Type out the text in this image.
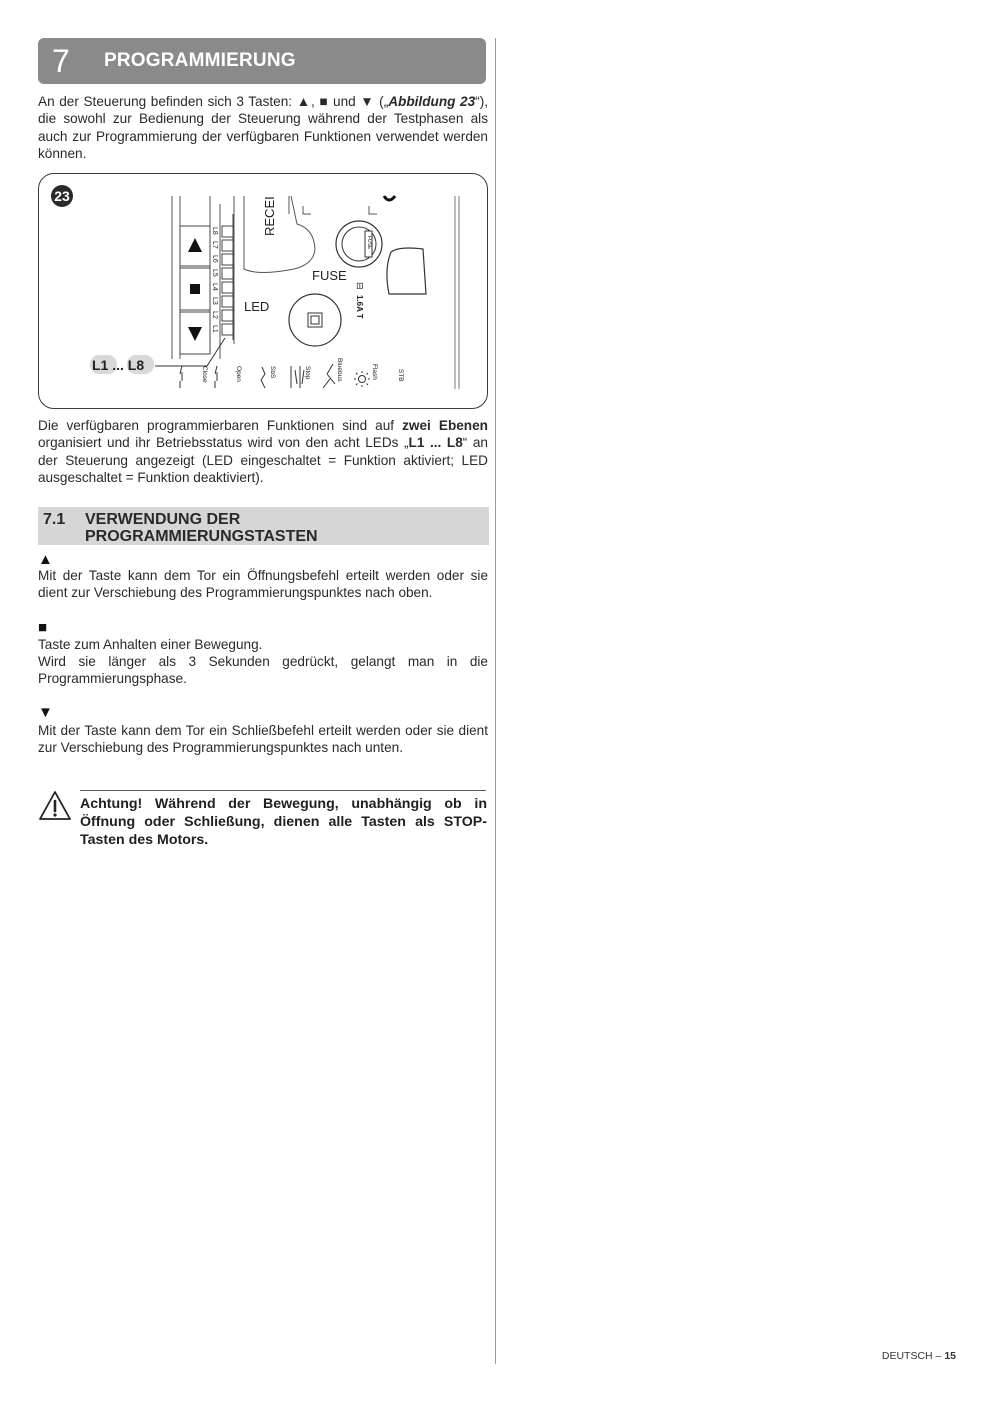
7 PROGRAMMIERUNG

An der Steuerung befinden sich 3 Tasten: ▲, ■ und ▼ („Abbildung 23“), die sowohl zur Bedienung der Steuerung während der Testphasen als auch zur Programmierung der verfügbaren Funktionen verwendet werden können.

L8
L7
L6
L5
L4
L3
L2
L1
RECEI
FUSE
FUSE
⊟
1.6A T
LED
L1 ... L8
Close	Open	SbS	Stop	Bluebus	Flash	STB
23

Die verfügbaren programmierbaren Funktionen sind auf zwei Ebenen organisiert und ihr Betriebsstatus wird von den acht LEDs „L1 ... L8“ an der Steuerung angezeigt (LED eingeschaltet = Funktion aktiviert; LED ausgeschaltet = Funktion deaktiviert).

7.1 VERWENDUNG DER PROGRAMMIERUNGSTASTEN
▲

Mit der Taste kann dem Tor ein Öffnungsbefehl erteilt werden oder sie dient zur Verschiebung des Programmierungspunktes nach oben.

■

Taste zum Anhalten einer Bewegung.

Wird sie länger als 3 Sekunden gedrückt, gelangt man in die Programmierungsphase.

▼

Mit der Taste kann dem Tor ein Schließbefehl erteilt werden oder sie dient zur Verschiebung des Programmierungspunktes nach unten.

Achtung! Während der Bewegung, unabhängig ob in Öffnung oder Schließung, dienen alle Tasten als STOP-Tasten des Motors.

DEUTSCH – 15
